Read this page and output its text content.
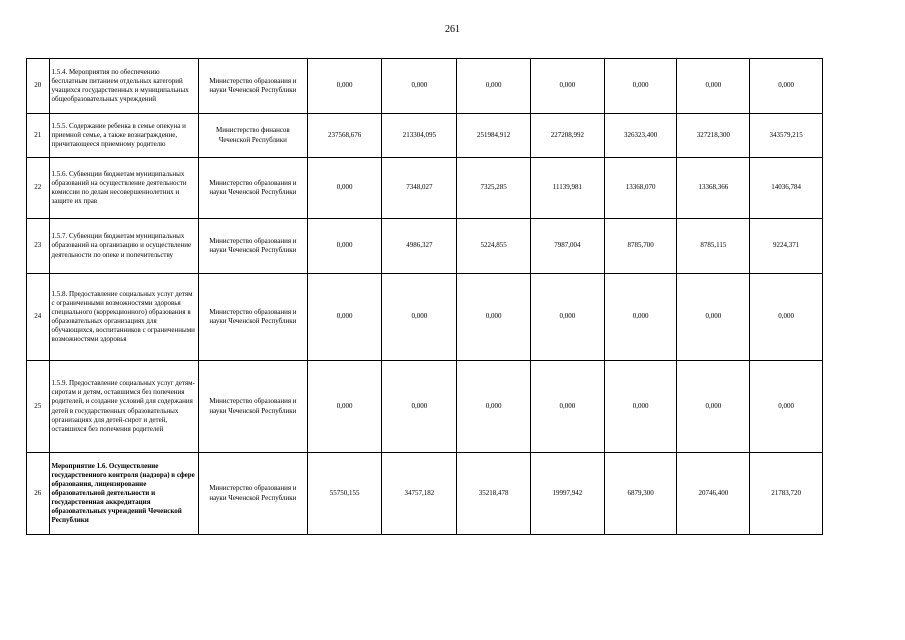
261
20	1.5.4. Мероприятия по обеспечению бесплатным питанием отдельных категорий учащихся государственных и муниципальных общеобразовательных учреждений	Министерство образования и науки Чеченской Республики	0,000	0,000	0,000	0,000	0,000	0,000	0,000
21	1.5.5. Содержание ребенка в семье опекуна и приемной семье, а также вознаграждение, причитающееся приемному родителю	Министерство финансов Чеченской Республики	237568,676	213304,095	251984,912	227208,992	326323,400	327218,300	343579,215
22	1.5.6. Субвенции бюджетам муниципальных образований на осуществление деятельности комиссии по делам несовершеннолетних и защите их прав	Министерство образования и науки Чеченской Республики	0,000	7348,027	7325,285	11139,981	13368,070	13368,366	14036,784
23	1.5.7. Субвенции бюджетам муниципальных образований на организацию и осуществление деятельности по опеке и попечительству	Министерство образования и науки Чеченской Республики	0,000	4986,327	5224,855	7987,004	8785,700	8785,115	9224,371
24	1.5.8. Предоставление социальных услуг детям с ограниченными возможностями здоровья специального (коррекционного) образования в образовательных организациях для обучающихся, воспитанников с ограниченными возможностями здоровья	Министерство образования и науки Чеченской Республики	0,000	0,000	0,000	0,000	0,000	0,000	0,000
25	1.5.9. Предоставление социальных услуг детям-сиротам и детям, оставшимся без попечения родителей, и создание условий для содержания детей в государственных образовательных организациях для детей-сирот и детей, оставшихся без попечения родителей	Министерство образования и науки Чеченской Республики	0,000	0,000	0,000	0,000	0,000	0,000	0,000
26	Мероприятие 1.6. Осуществление государственного контроля (надзора) в сфере образования, лицензирование образовательной деятельности и государственная аккредитация образовательных учреждений Чеченской Республики	Министерство образования и науки Чеченской Республики	55750,155	34757,182	35218,478	19997,942	6879,300	20746,400	21783,720
